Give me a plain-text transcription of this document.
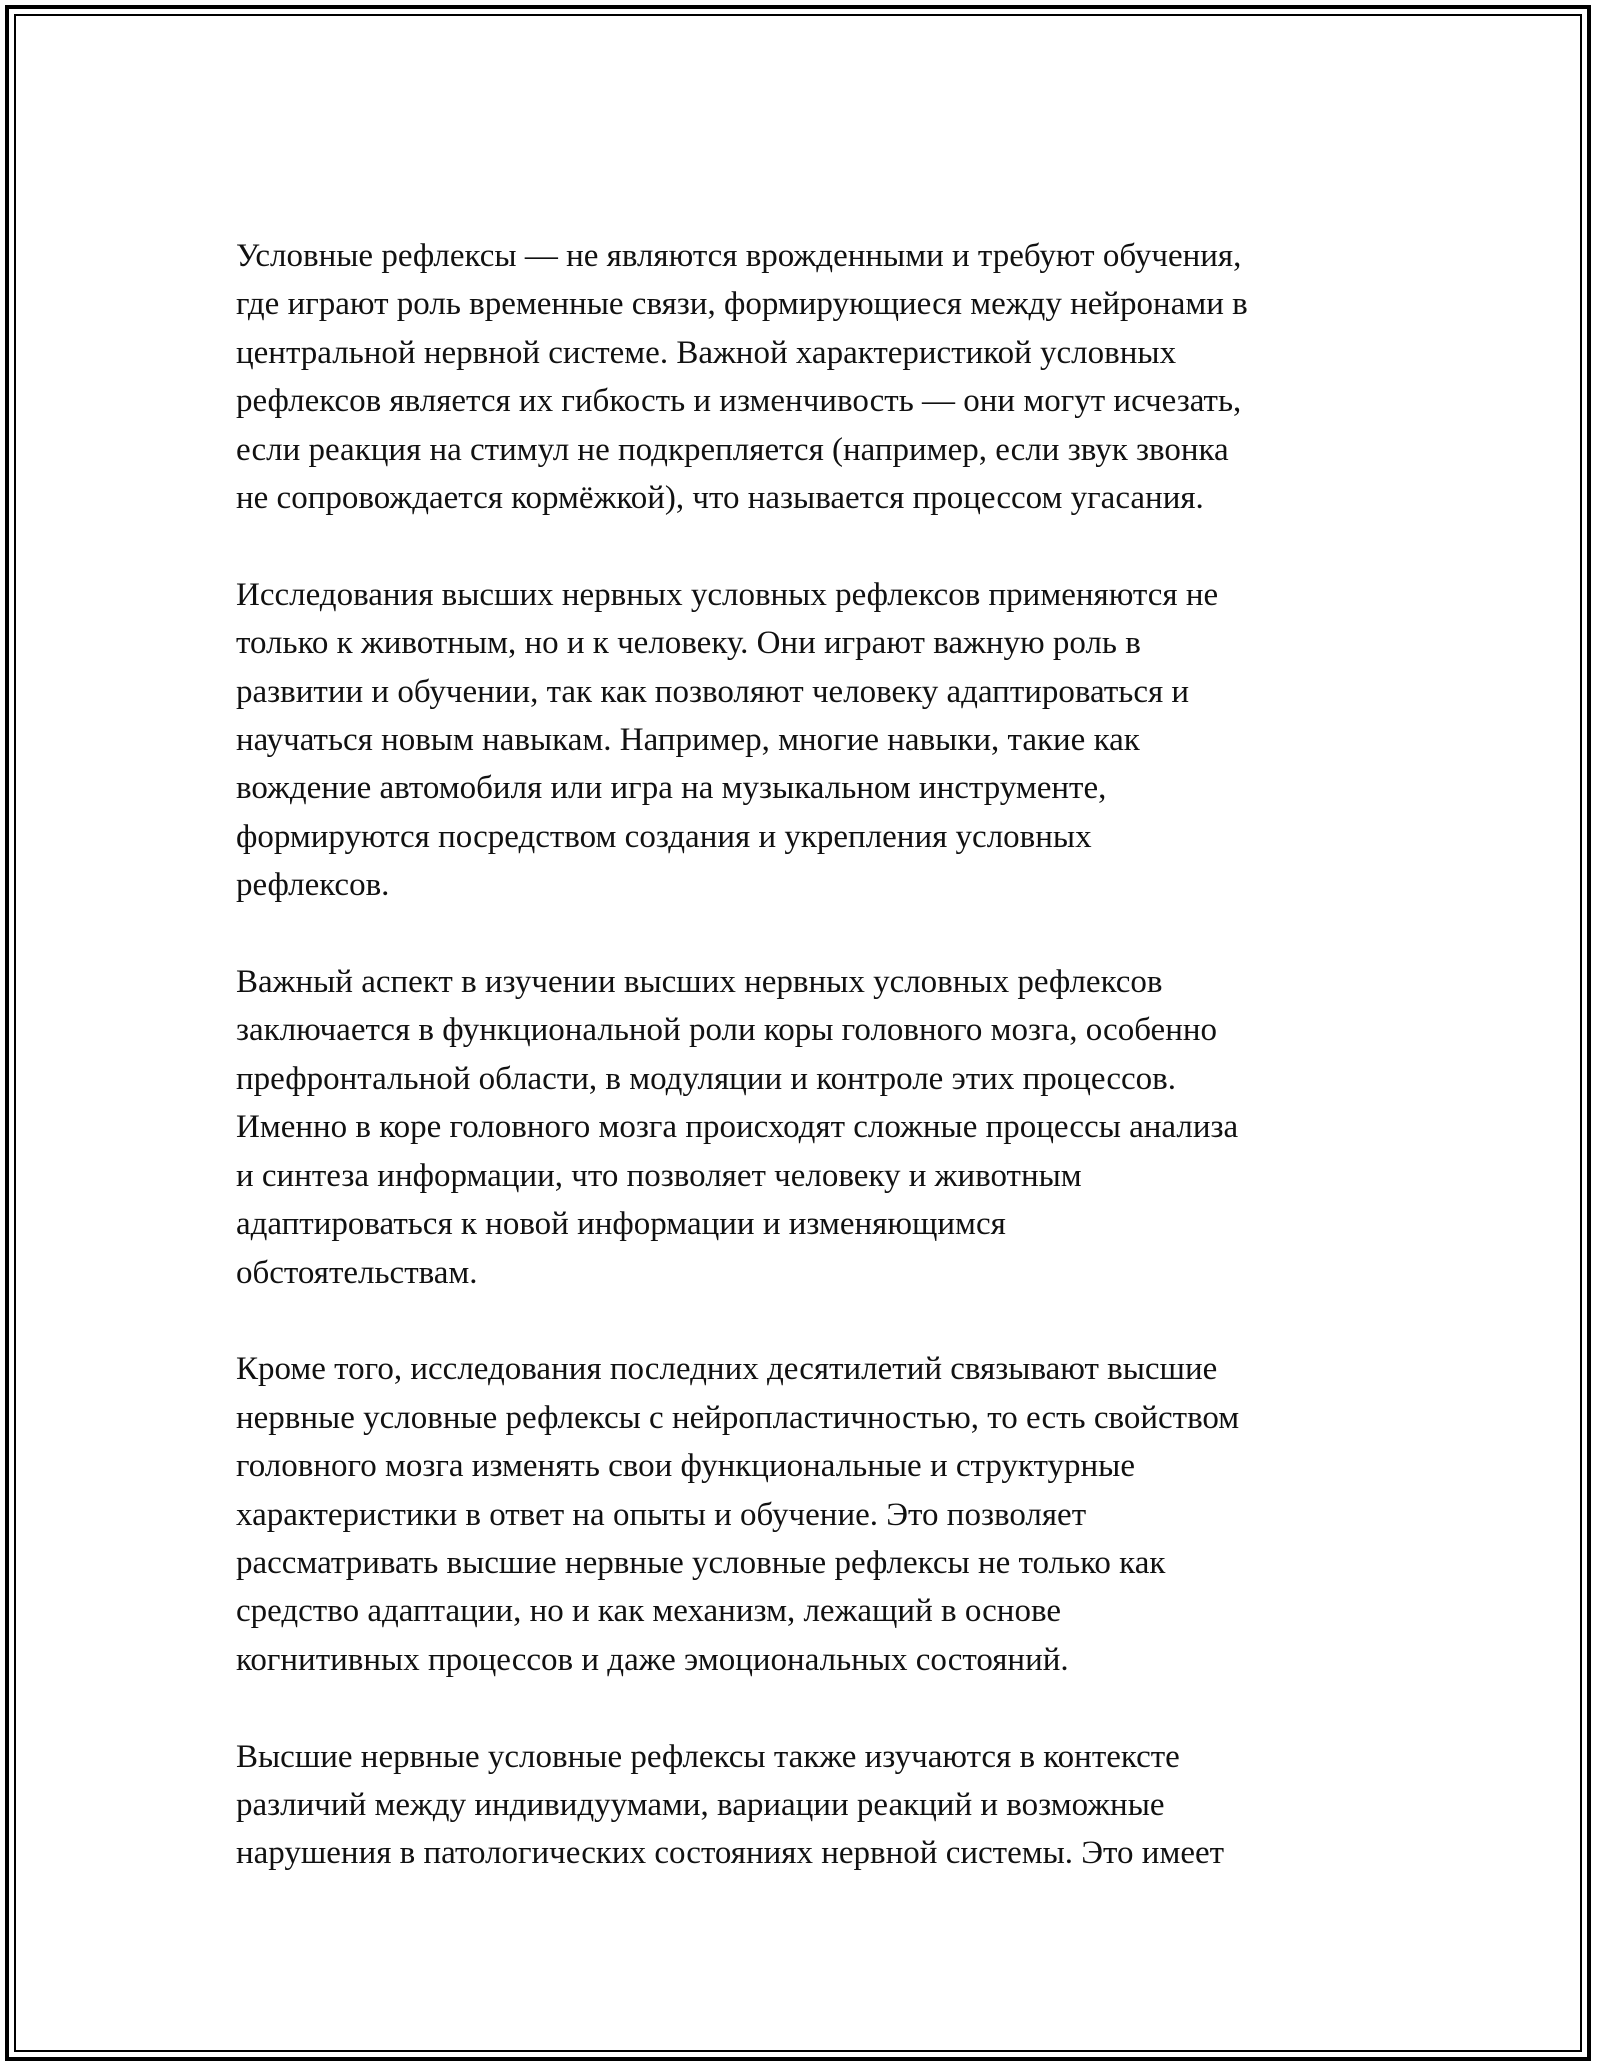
Условные рефлексы — не являются врожденными и требуют обучения,
где играют роль временные связи, формирующиеся между нейронами в
центральной нервной системе. Важной характеристикой условных
рефлексов является их гибкость и изменчивость — они могут исчезать,
если реакция на стимул не подкрепляется (например, если звук звонка
не сопровождается кормёжкой), что называется процессом угасания.

Исследования высших нервных условных рефлексов применяются не
только к животным, но и к человеку. Они играют важную роль в
развитии и обучении, так как позволяют человеку адаптироваться и
научаться новым навыкам. Например, многие навыки, такие как
вождение автомобиля или игра на музыкальном инструменте,
формируются посредством создания и укрепления условных
рефлексов.

Важный аспект в изучении высших нервных условных рефлексов
заключается в функциональной роли коры головного мозга, особенно
префронтальной области, в модуляции и контроле этих процессов.
Именно в коре головного мозга происходят сложные процессы анализа
и синтеза информации, что позволяет человеку и животным
адаптироваться к новой информации и изменяющимся
обстоятельствам.

Кроме того, исследования последних десятилетий связывают высшие
нервные условные рефлексы с нейропластичностью, то есть свойством
головного мозга изменять свои функциональные и структурные
характеристики в ответ на опыты и обучение. Это позволяет
рассматривать высшие нервные условные рефлексы не только как
средство адаптации, но и как механизм, лежащий в основе
когнитивных процессов и даже эмоциональных состояний.

Высшие нервные условные рефлексы также изучаются в контексте
различий между индивидуумами, вариации реакций и возможные
нарушения в патологических состояниях нервной системы. Это имеет
